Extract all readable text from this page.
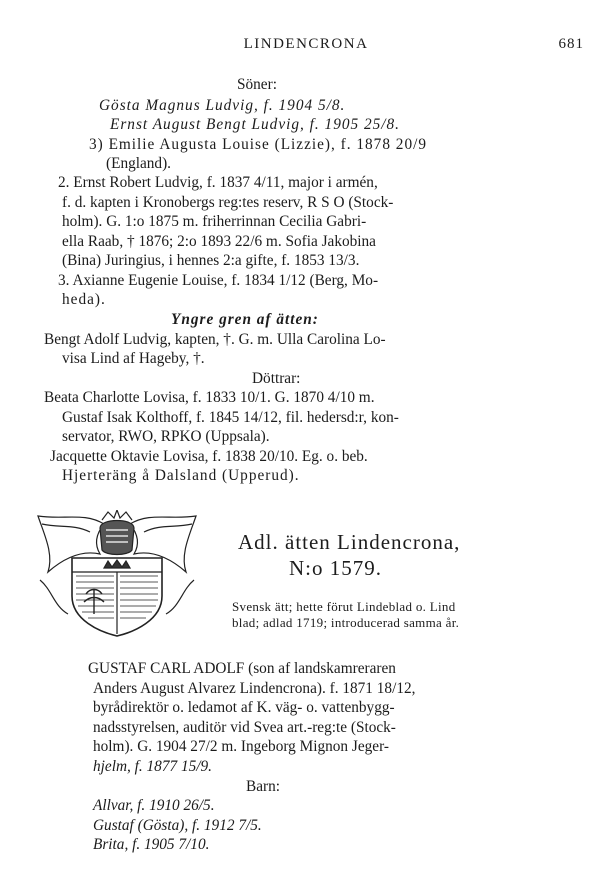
LINDENCRONA	681
Söner:
Gösta Magnus Ludvig, f. 1904 5/8.
Ernst August Bengt Ludvig, f. 1905 25/8.
3) Emilie Augusta Louise (Lizzie), f. 1878 20/9
(England).
2. Ernst Robert Ludvig, f. 1837 4/11, major i armén,
f. d. kapten i Kronobergs reg:tes reserv, R S O (Stock-
holm). G. 1:o 1875 m. friherrinnan Cecilia Gabri-
ella Raab, † 1876; 2:o 1893 22/6 m. Sofia Jakobina
(Bina) Juringius, i hennes 2:a gifte, f. 1853 13/3.
3. Axianne Eugenie Louise, f. 1834 1/12 (Berg, Mo-
heda).
Yngre gren af ätten:
Bengt Adolf Ludvig, kapten, †. G. m. Ulla Carolina Lo-
visa Lind af Hageby, †.
Döttrar:
Beata Charlotte Lovisa, f. 1833 10/1. G. 1870 4/10 m.
Gustaf Isak Kolthoff, f. 1845 14/12, fil. hedersd:r, kon-
servator, RWO, RPKO (Uppsala).
Jacquette Oktavie Lovisa, f. 1838 20/10. Eg. o. beb.
Hjerteräng å Dalsland (Upperud).
Adl. ätten Lindencrona,
N:o 1579.
Svensk ätt; hette förut Lindeblad o. Lind
blad; adlad 1719; introducerad samma år.
GUSTAF CARL ADOLF (son af landskamreraren
Anders August Alvarez Lindencrona). f. 1871 18/12,
byrådirektör o. ledamot af K. väg- o. vattenbygg-
nadsstyrelsen, auditör vid Svea art.-reg:te (Stock-
holm). G. 1904 27/2 m. Ingeborg Mignon Jeger-
hjelm, f. 1877 15/9.
Barn:
Allvar, f. 1910 26/5.
Gustaf (Gösta), f. 1912 7/5.
Brita, f. 1905 7/10.
